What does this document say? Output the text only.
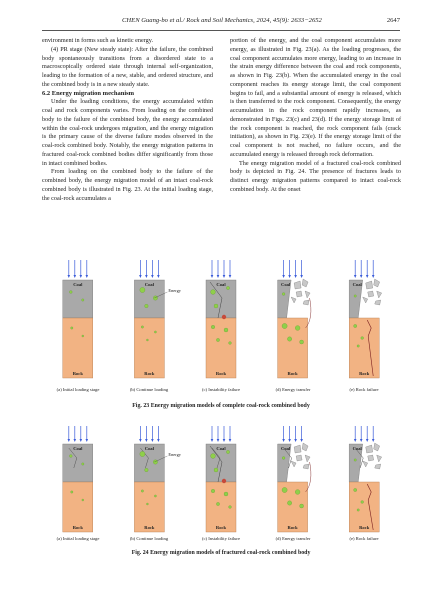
CHEN Guang-bo et al./ Rock and Soil Mechanics, 2024, 45(9): 2633−2652	2647

environment in forms such as kinetic energy.

(4) PR stage (New steady state): After the failure, the combined body spontaneously transitions from a disordered state to a macroscopically ordered state through internal self-organization, leading to the formation of a new, stable, and ordered structure, and the combined body is in a new steady state.

6.2 Energy migration mechanism

Under the loading conditions, the energy accumulated within coal and rock components varies. From loading on the combined body to the failure of the combined body, the energy accumulated within the coal-rock undergoes migration, and the energy migration is the primary cause of the diverse failure modes observed in the coal-rock combined body. Notably, the energy migration patterns in fractured coal-rock combined bodies differ significantly from those in intact combined bodies.

From loading on the combined body to the failure of the combined body, the energy migration model of an intact coal-rock combined body is illustrated in Fig. 23. At the initial loading stage, the coal-rock accumulates a

portion of the energy, and the coal component accumulates more energy, as illustrated in Fig. 23(a). As the loading progresses, the coal component accumulates more energy, leading to an increase in the strain energy difference between the coal and rock components, as shown in Fig. 23(b). When the accumulated energy in the coal component reaches its energy storage limit, the coal component begins to fail, and a substantial amount of energy is released, which is then transferred to the rock component. Consequently, the energy accumulation in the rock component rapidly increases, as demonstrated in Figs. 23(c) and 23(d). If the energy storage limit of the rock component is reached, the rock component fails (crack initiation), as shown in Fig. 23(e). If the energy storage limit of the coal component is not reached, no failure occurs, and the accumulated energy is released through rock deformation.

The energy migration model of a fractured coal-rock combined body is depicted in Fig. 24. The presence of fractures leads to distinct energy migration patterns compared to intact coal-rock combined body. At the onset

Coal
Rock
Coal
Rock
Energy
Coal
Rock
Coal
Rock
Coal
Rock
(a) Initial loading stage	(b) Continue loading	(c) Instability failure	(d) Energy transfer	(e) Rock failure
Fig. 23 Energy migration models of complete coal-rock combined body
Coal
Rock
Coal
Rock
Energy
Coal
Rock
Coal
Rock
Coal
Rock
(a) Initial loading stage	(b) Continue loading	(c) Instability failure	(d) Energy transfer	(e) Rock failure
Fig. 24 Energy migration models of fractured coal-rock combined body
